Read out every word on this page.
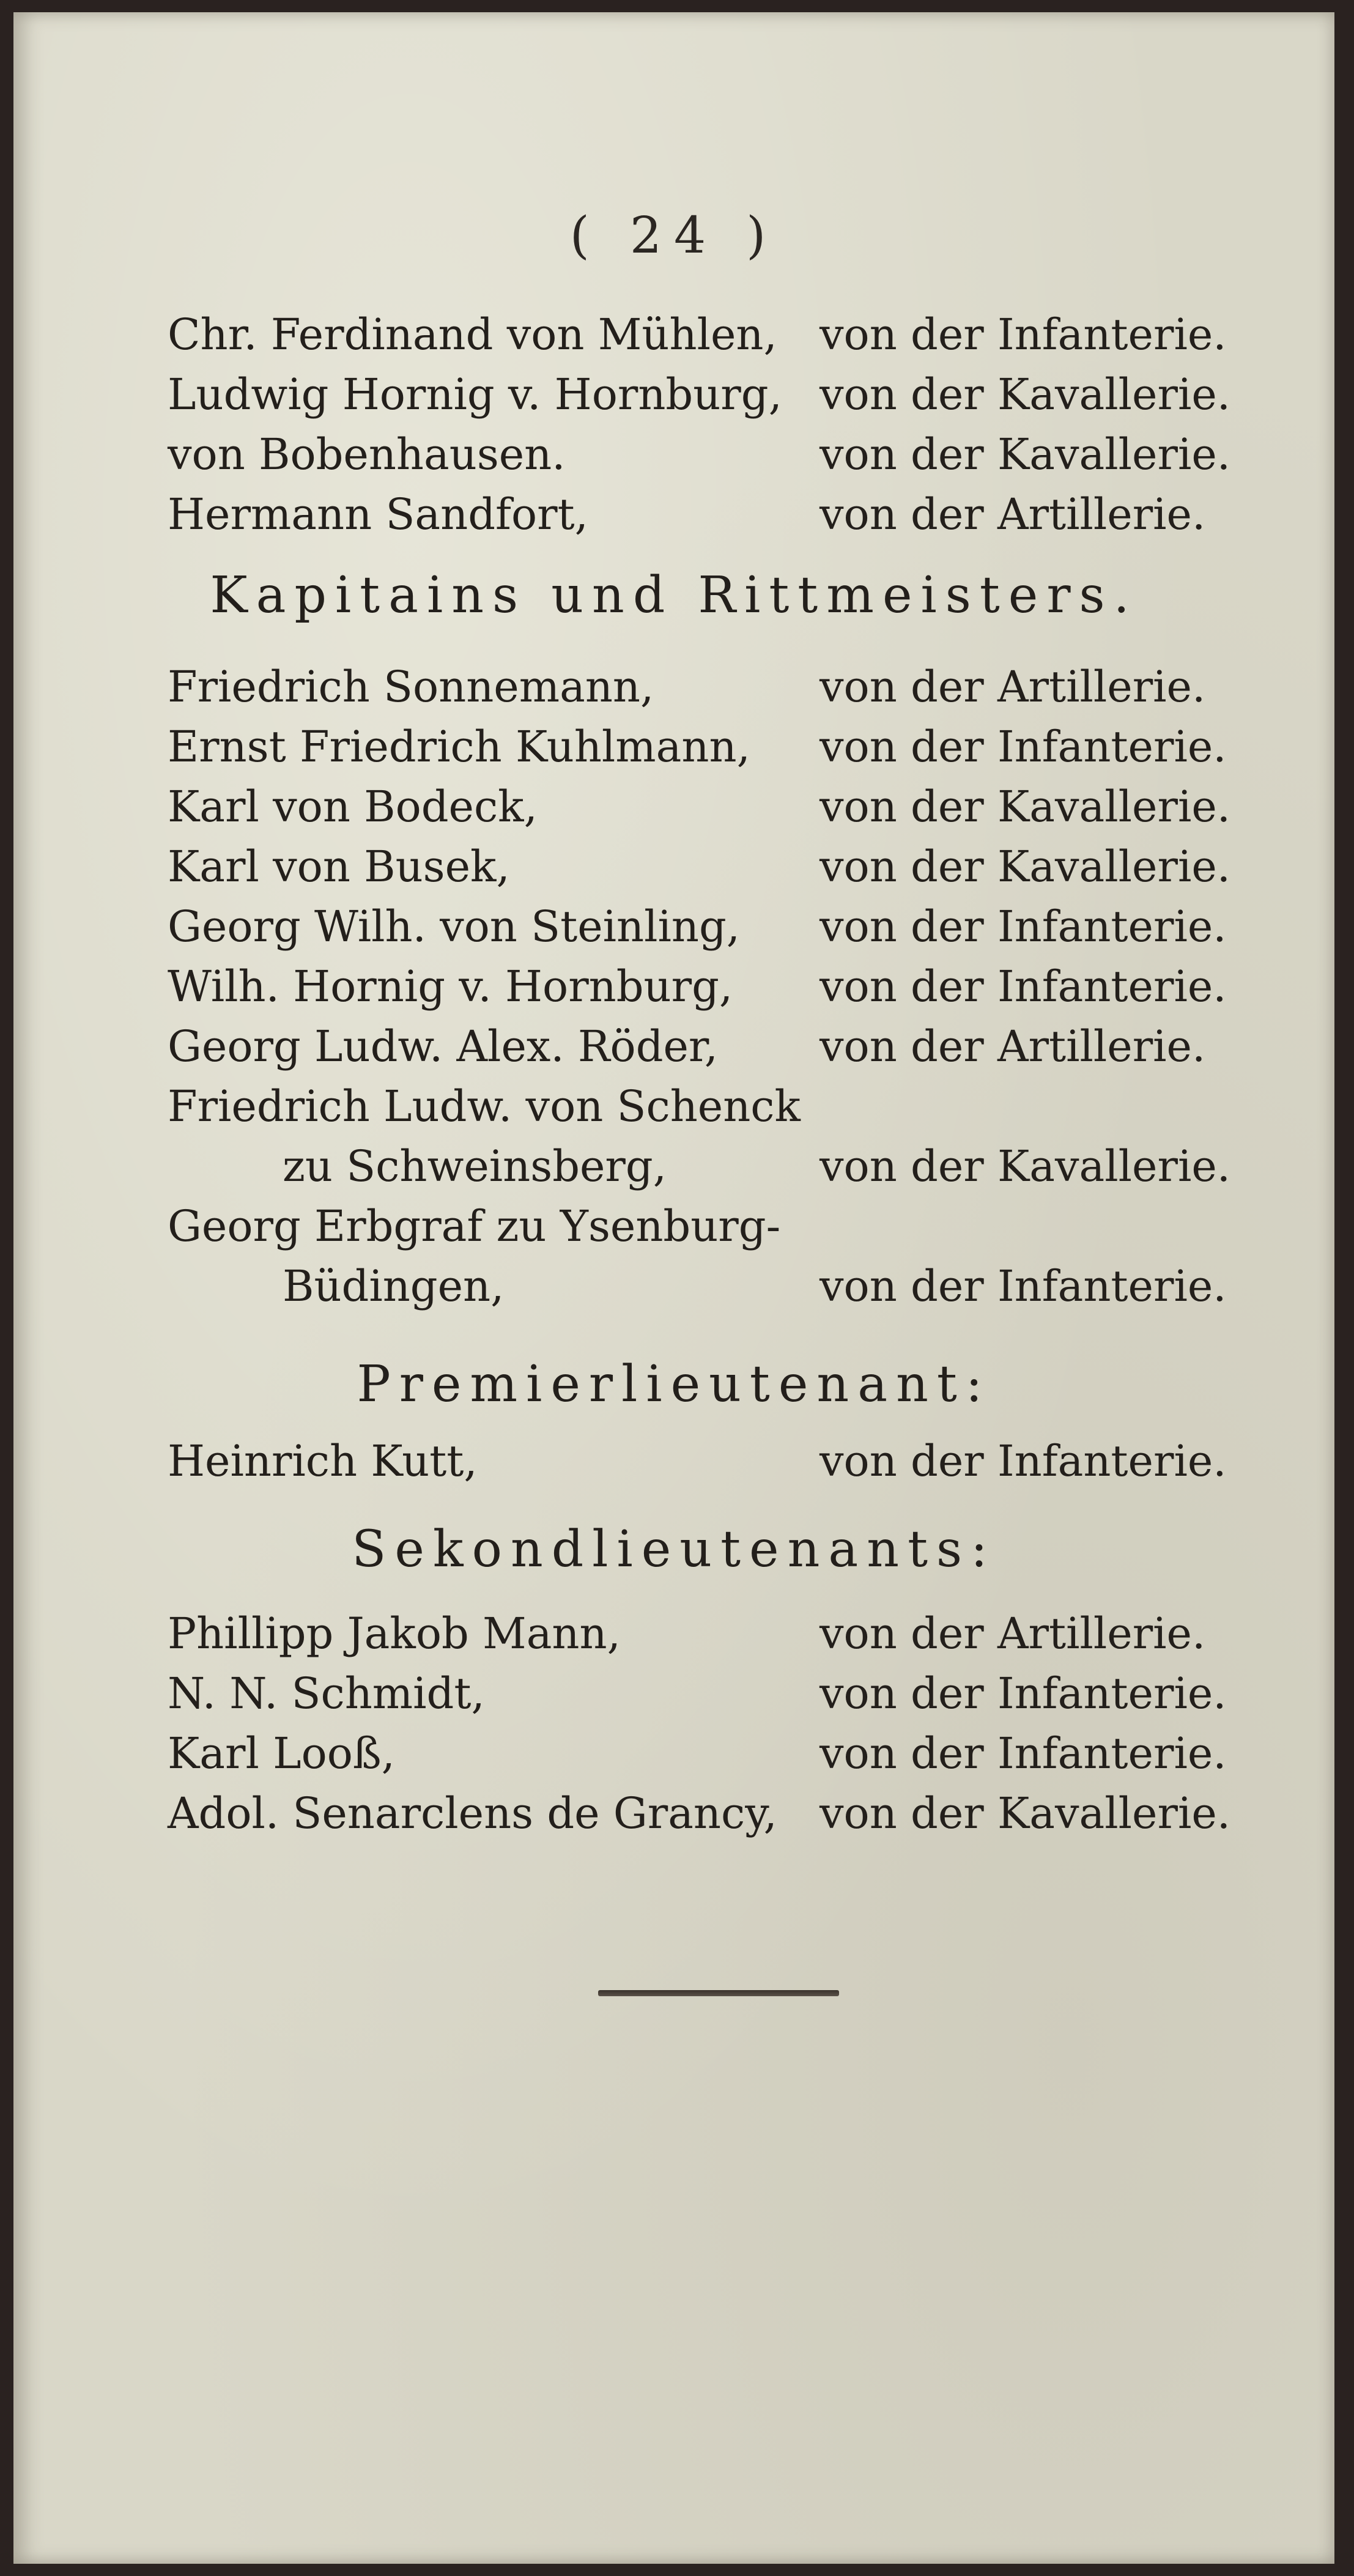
( 24 )
Chr. Ferdinand von Mühlen, von der Infanterie.
Ludwig Hornig v. Hornburg, von der Kavallerie.
von Bobenhausen.	von der Kavallerie.
Hermann Sandfort,	von der Artillerie.
Kapitains und Rittmeisters.
Friedrich Sonnemann,	von der Artillerie.
Ernst Friedrich Kuhlmann, von der Infanterie.
Karl von Bodeck,	von der Kavallerie.
Karl von Busek,	von der Kavallerie.
Georg Wilh. von Steinling, von der Infanterie.
Wilh. Hornig v. Hornburg, von der Infanterie.
Georg Ludw. Alex. Röder, von der Artillerie.
Friedrich Ludw. von Schenck
zu Schweinsberg,	von der Kavallerie.
Georg Erbgraf zu Ysenburg-
Büdingen,	von der Infanterie.
Premierlieutenant:
Heinrich Kutt,	von der Infanterie.
Sekondlieutenants:
Phillipp Jakob Mann,	von der Artillerie.
N. N. Schmidt,	von der Infanterie.
Karl Looß,	von der Infanterie.
Adol. Senarclens de Grancy, von der Kavallerie.
